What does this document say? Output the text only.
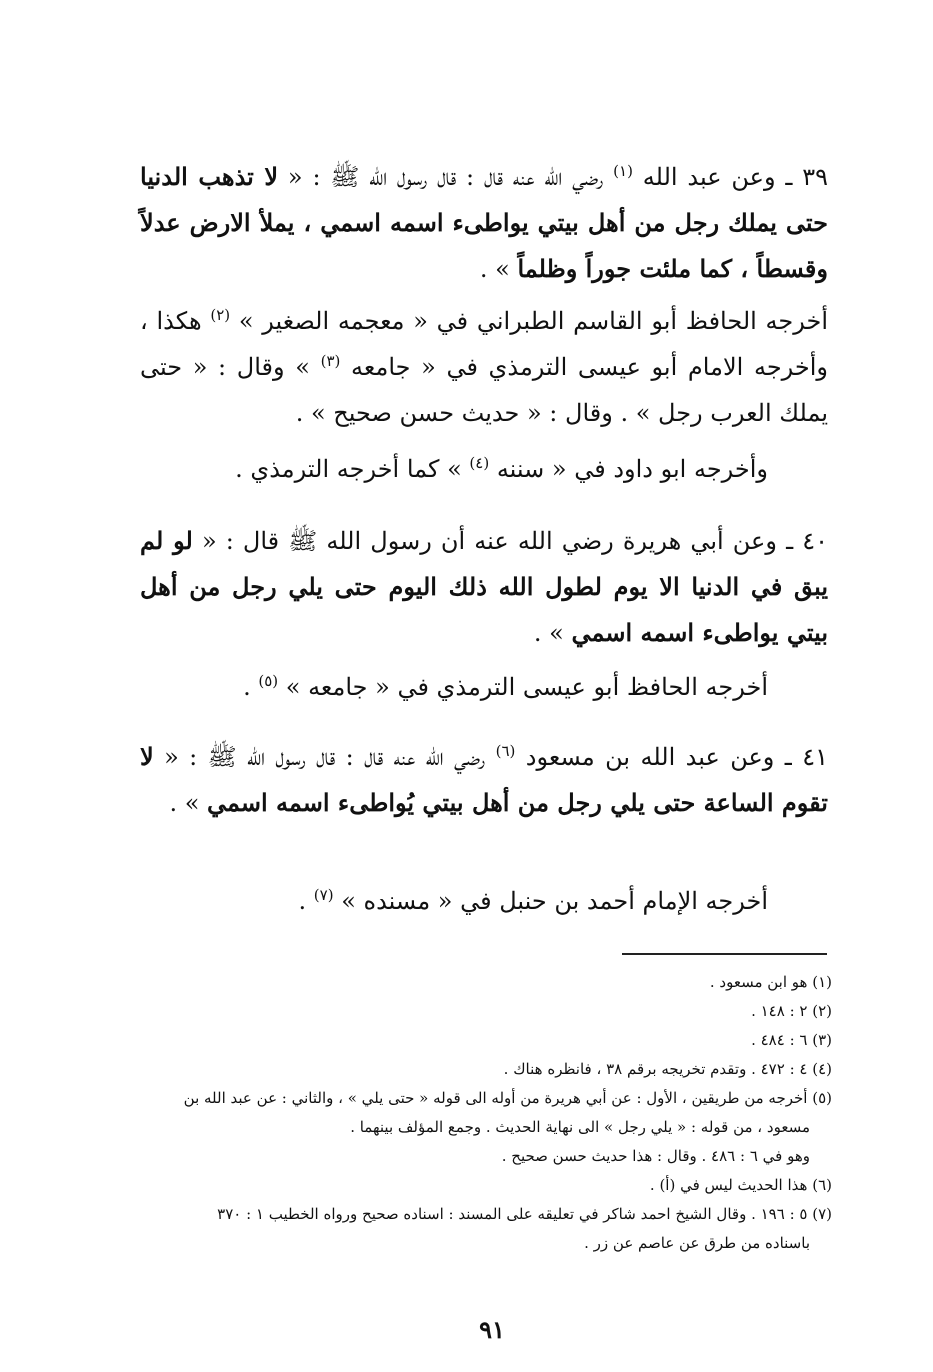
٣٩ ـ وعن عبد الله $^{(١)}$ رضي الله عنه قال : قال رسول الله ﷺ : « لا تذهب الدنيا حتى يملك رجل من أهل بيتي يواطىء اسمه اسمي ، يملأ الارض عدلاً وقسطاً ، كما ملئت جوراً وظلماً » .

أخرجه الحافظ أبو القاسم الطبراني في « معجمه الصغير » $^{(٢)}$ هكذا ، وأخرجه الامام أبو عيسى الترمذي في « جامعه $^{(٣)}$ » وقال : « حتى يملك العرب رجل » . وقال : « حديث حسن صحيح » .

وأخرجه ابو داود في « سننه $^{(٤)}$ » كما أخرجه الترمذي .

٤٠ ـ وعن أبي هريرة رضي الله عنه أن رسول الله ﷺ قال : « لو لم يبق في الدنيا الا يوم لطول الله ذلك اليوم حتى يلي رجل من أهل بيتي يواطىء اسمه اسمي » .

أخرجه الحافظ أبو عيسى الترمذي في « جامعه » $^{(٥)}$ .

٤١ ـ وعن عبد الله بن مسعود $^{(٦)}$ رضي الله عنه قال : قال رسول الله ﷺ : « لا تقوم الساعة حتى يلي رجل من أهل بيتي يُواطىء اسمه اسمي » .

أخرجه الإمام أحمد بن حنبل في « مسنده » $^{(٧)}$ .

(١) هو ابن مسعود .

(٢) ٢ : ١٤٨ .

(٣) ٦ : ٤٨٤ .

(٤) ٤ : ٤٧٢ . وتقدم تخريجه برقم ٣٨ ، فانظره هناك .

(٥) أخرجه من طريقين ، الأول : عن أبي هريرة من أوله الى قوله « حتى يلي » ، والثاني : عن عبد الله بن

مسعود ، من قوله : « يلي رجل » الى نهاية الحديث . وجمع المؤلف بينهما .

وهو في ٦ : ٤٨٦ . وقال : هذا حديث حسن صحيح .

(٦) هذا الحديث ليس في (أ) .

(٧) ٥ : ١٩٦ . وقال الشيخ احمد شاكر في تعليقه على المسند : اسناده صحيح ورواه الخطيب ١ : ٣٧٠

باسناده من طرق عن عاصم عن زر .

٩١
